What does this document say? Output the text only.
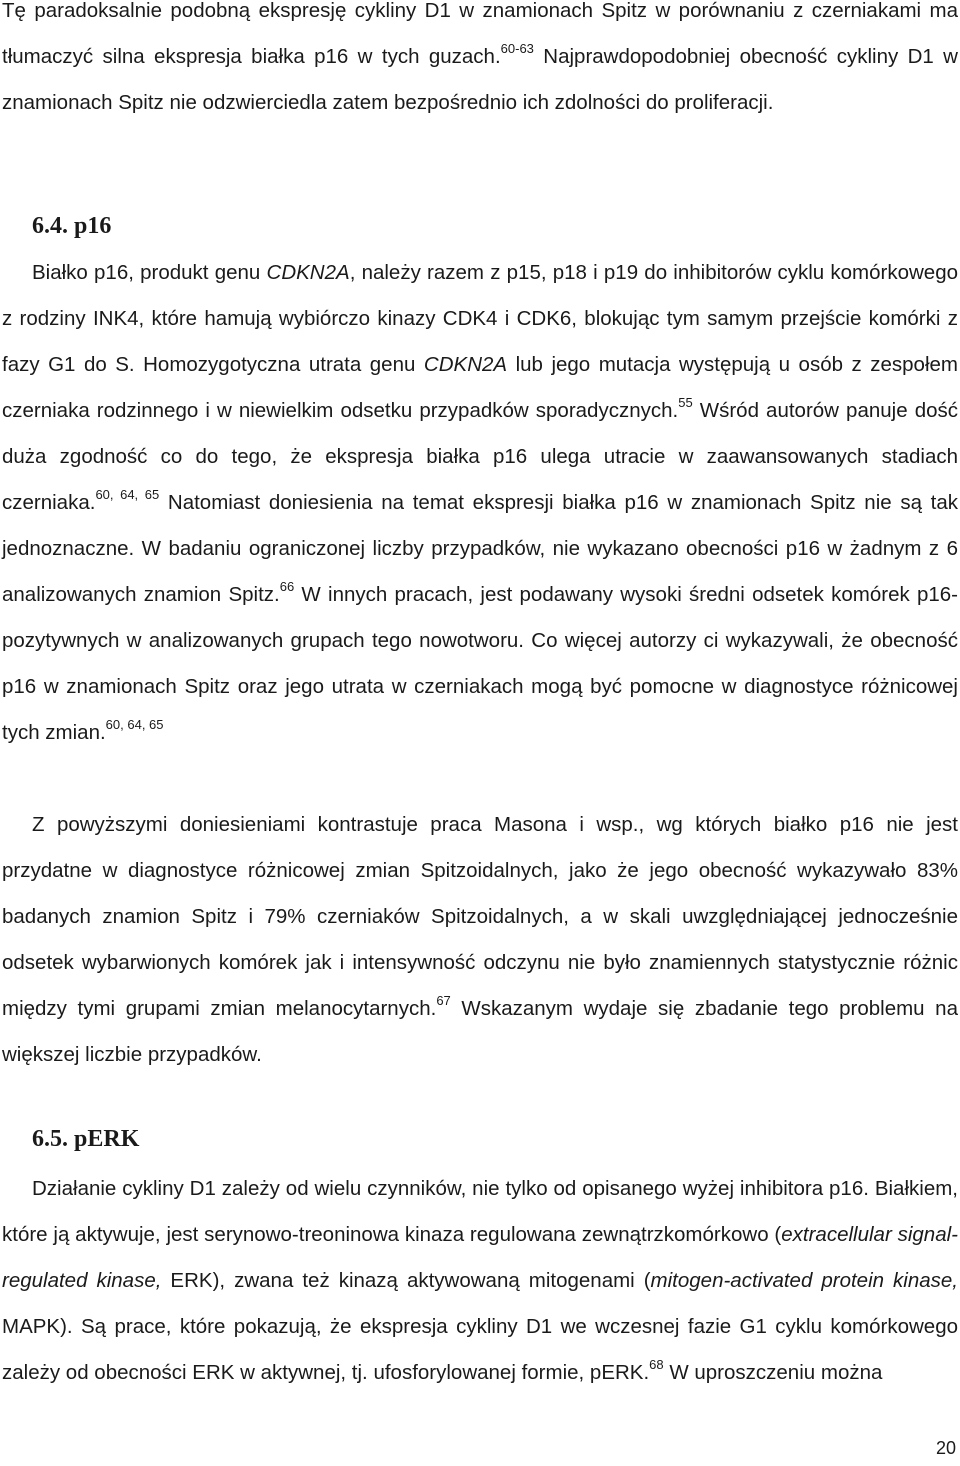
Tę paradoksalnie podobną ekspresję cykliny D1 w znamionach Spitz w porównaniu z czerniakami ma tłumaczyć silna ekspresja białka p16 w tych guzach.$^{60-63}$ Najprawdopodobniej obecność cykliny D1 w znamionach Spitz nie odzwierciedla zatem bezpośrednio ich zdolności do proliferacji.

6.4. p16

Białko p16, produkt genu CDKN2A, należy razem z p15, p18 i p19 do inhibitorów cyklu komórkowego z rodziny INK4, które hamują wybiórczo kinazy CDK4 i CDK6, blokując tym samym przejście komórki z fazy G1 do S. Homozygotyczna utrata genu CDKN2A lub jego mutacja występują u osób z zespołem czerniaka rodzinnego i w niewielkim odsetku przypadków sporadycznych.$^{55}$ Wśród autorów panuje dość duża zgodność co do tego, że ekspresja białka p16 ulega utracie w zaawansowanych stadiach czerniaka.$^{60, 64, 65}$ Natomiast doniesienia na temat ekspresji białka p16 w znamionach Spitz nie są tak jednoznaczne. W badaniu ograniczonej liczby przypadków, nie wykazano obecności p16 w żadnym z 6 analizowanych znamion Spitz.$^{66}$ W innych pracach, jest podawany wysoki średni odsetek komórek p16-pozytywnych w analizowanych grupach tego nowotworu. Co więcej autorzy ci wykazywali, że obecność p16 w znamionach Spitz oraz jego utrata w czerniakach mogą być pomocne w diagnostyce różnicowej tych zmian.$^{60, 64, 65}$

Z powyższymi doniesieniami kontrastuje praca Masona i wsp., wg których białko p16 nie jest przydatne w diagnostyce różnicowej zmian Spitzoidalnych, jako że jego obecność wykazywało 83% badanych znamion Spitz i 79% czerniaków Spitzoidalnych, a w skali uwzględniającej jednocześnie odsetek wybarwionych komórek jak i intensywność odczynu nie było znamiennych statystycznie różnic między tymi grupami zmian melanocytarnych.$^{67}$ Wskazanym wydaje się zbadanie tego problemu na większej liczbie przypadków.

6.5. pERK

Działanie cykliny D1 zależy od wielu czynników, nie tylko od opisanego wyżej inhibitora p16. Białkiem, które ją aktywuje, jest serynowo-treoninowa kinaza regulowana zewnątrzkomórkowo (extracellular signal-regulated kinase, ERK), zwana też kinazą aktywowaną mitogenami (mitogen-activated protein kinase, MAPK). Są prace, które pokazują, że ekspresja cykliny D1 we wczesnej fazie G1 cyklu komórkowego zależy od obecności ERK w aktywnej, tj. ufosforylowanej formie, pERK.$^{68}$ W uproszczeniu można

20
